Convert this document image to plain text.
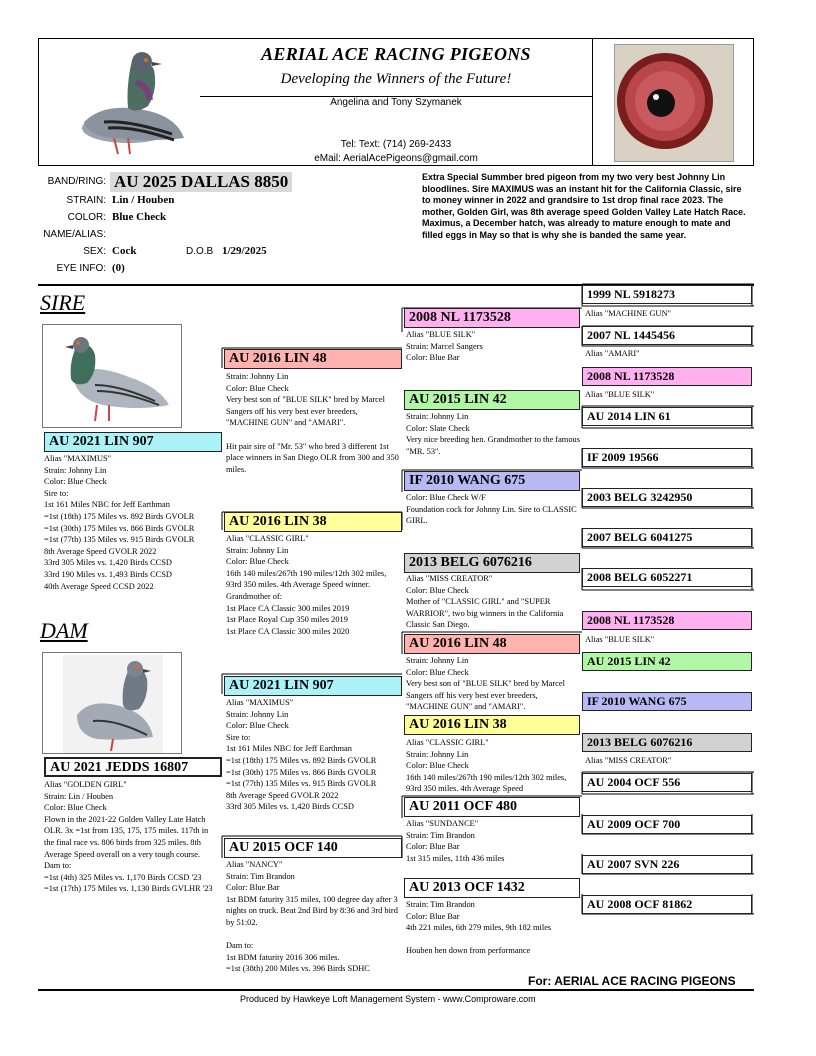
AERIAL ACE RACING PIGEONS
Developing the Winners of the Future!
Angelina and Tony Szymanek
Tel: Text: (714) 269-2433
eMail: AerialAcePigeons@gmail.com
BAND/RING: AU 2025 DALLAS 8850
STRAIN: Lin / Houben
COLOR: Blue Check
NAME/ALIAS:
SEX: Cock	D.O.B 1/29/2025
EYE INFO: (0)
Extra Special Summber bred pigeon from my two very best Johnny Lin bloodlines. Sire MAXIMUS was an instant hit for the California Classic, sire to money winner in 2022 and grandsire to 1st drop final race 2023. The mother, Golden Girl, was 8th average speed Golden Valley Late Hatch Race. Maximus, a December hatch, was already to mature enough to mate and filled eggs in May so that is why she is banded the same year.
SIRE
AU 2021 LIN 907
Alias "MAXIMUS"
Strain: Johnny Lin
Color: Blue Check
Sire to:
1st 161 Miles NBC for Jeff Earthman
=1st (18th) 175 Miles vs. 892 Birds GVOLR
=1st (30th) 175 Miles vs. 866 Birds GVOLR
=1st (77th) 135 Miles vs. 915 Birds GVOLR
8th Average Speed GVOLR 2022
33rd 305 Miles vs. 1,420 Birds CCSD
33rd 190 Miles vs. 1,493 Birds CCSD
40th Average Speed CCSD 2022
DAM
AU 2021 JEDDS 16807
Alias "GOLDEN GIRL"
Strain: Lin / Houben
Color: Blue Check
Flown in the 2021-22 Golden Valley Late Hatch OLR. 3x =1st from 135, 175, 175 miles. 117th in the final race vs. 806 birds from 325 miles. 8th Average Speed overall on a very tough course.
Dam to:
=1st (4th) 325 Miles vs. 1,170 Birds CCSD '23
=1st (17th) 175 Miles vs. 1,130 Birds GVLHR '23
AU 2016 LIN 48
Strain: Johnny Lin
Color: Blue Check
Very best son of "BLUE SILK" bred by Marcel Sangers off his very best ever breeders, "MACHINE GUN" and "AMARI".

Hit pair sire of "Mr. 53" who bred 3 different 1st place winners in San Diego OLR from 300 and 350 miles.
AU 2016 LIN 38
Alias "CLASSIC GIRL"
Strain: Johnny Lin
Color: Blue Check
16th 140 miles/267th 190 miles/12th 302 miles, 93rd 350 miles. 4th Average Speed winner.
Grandmother of:
1st Place CA Classic 300 miles 2019
1st Place Royal Cup 350 miles 2019
1st Place CA Classic 300 miles 2020
AU 2021 LIN 907
Alias "MAXIMUS"
Strain: Johnny Lin
Color: Blue Check
Sire to:
1st 161 Miles NBC for Jeff Earthman
=1st (18th) 175 Miles vs. 892 Birds GVOLR
=1st (30th) 175 Miles vs. 866 Birds GVOLR
=1st (77th) 135 Miles vs. 915 Birds GVOLR
8th Average Speed GVOLR 2022
33rd 305 Miles vs. 1,420 Birds CCSD
AU 2015 OCF 140
Alias "NANCY"
Strain: Tim Brandon
Color: Blue Bar
1st BDM faturity 315 miles, 100 degree day after 3 nights on truck. Beat 2nd Bird by 8:36 and 3rd bird by 51:02.

Dam to:
1st BDM faturity 2016 306 miles.
=1st (38th) 200 Miles vs. 396 Birds SDHC
2008 NL 1173528
Alias "BLUE SILK"
Strain: Marcel Sangers
Color: Blue Bar
AU 2015 LIN 42
Strain: Johnny Lin
Color: Slate Check
Very nice breeding hen. Grandmother to the famous "MR. 53".
IF 2010 WANG 675
Color: Blue Check W/F
Foundation cock for Johnny Lin. Sire to CLASSIC GIRL.
2013 BELG 6076216
Alias "MISS CREATOR"
Color: Blue Check
Mother of "CLASSIC GIRL" and "SUPER WARRIOR", two big winners in the California Classic San Diego.
AU 2016 LIN 48
Strain: Johnny Lin
Color: Blue Check
Very best son of "BLUE SILK" bred by Marcel Sangers off his very best ever breeders, "MACHINE GUN" and "AMARI".
AU 2016 LIN 38
Alias "CLASSIC GIRL"
Strain: Johnny Lin
Color: Blue Check
16th 140 miles/267th 190 miles/12th 302 miles, 93rd 350 miles. 4th Average Speed
AU 2011 OCF 480
Alias "SUNDANCE"
Strain: Tim Brandon
Color: Blue Bar
1st 315 miles, 11th 436 miles
AU 2013 OCF 1432
Strain: Tim Brandon
Color: Blue Bar
4th 221 miles, 6th 279 miles, 9th 182 miles

Houben hen down from performance
1999 NL 5918273
Alias "MACHINE GUN"
2007 NL 1445456
Alias "AMARI"
2008 NL 1173528
Alias "BLUE SILK"
AU 2014 LIN 61
IF 2009 19566
2003 BELG 3242950
2007 BELG 6041275
2008 BELG 6052271
2008 NL 1173528
Alias "BLUE SILK"
AU 2015 LIN 42
IF 2010 WANG 675
2013 BELG 6076216
Alias "MISS CREATOR"
AU 2004 OCF 556
AU 2009 OCF 700
AU 2007 SVN 226
AU 2008 OCF 81862
For: AERIAL ACE RACING PIGEONS
Produced by Hawkeye Loft Management System - www.Comproware.com
